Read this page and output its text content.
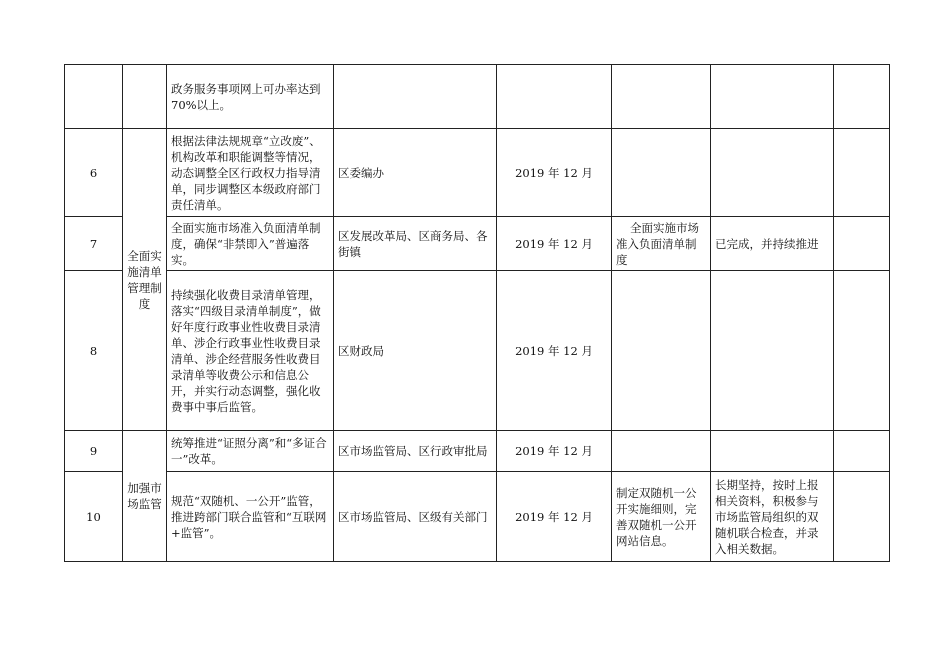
		政务服务事项网上可办率达到70%以上。					
6	全面实施清单管理制度	根据法律法规规章“立改废”、机构改革和职能调整等情况，动态调整全区行政权力指导清单，同步调整区本级政府部门责任清单。	区委编办	2019 年 12 月			
7		全面实施市场准入负面清单制度，确保“非禁即入”普遍落实。	区发展改革局、区商务局、各街镇	2019 年 12 月	全面实施市场准入负面清单制度	已完成，并持续推进	
8		持续强化收费目录清单管理，落实“四级目录清单制度”，做好年度行政事业性收费目录清单、涉企行政事业性收费目录清单、涉企经营服务性收费目录清单等收费公示和信息公开，并实行动态调整，强化收费事中事后监管。	区财政局	2019 年 12 月			
9	加强市场监管	统筹推进“证照分离”和“多证合一”改革。	区市场监管局、区行政审批局	2019 年 12 月			
10		规范“双随机、一公开”监管，推进跨部门联合监管和“互联网+监管”。	区市场监管局、区级有关部门	2019 年 12 月	制定双随机一公开实施细则，完善双随机一公开网站信息。	长期坚持，按时上报相关资料，积极参与市场监管局组织的双随机联合检查，并录入相关数据。	
